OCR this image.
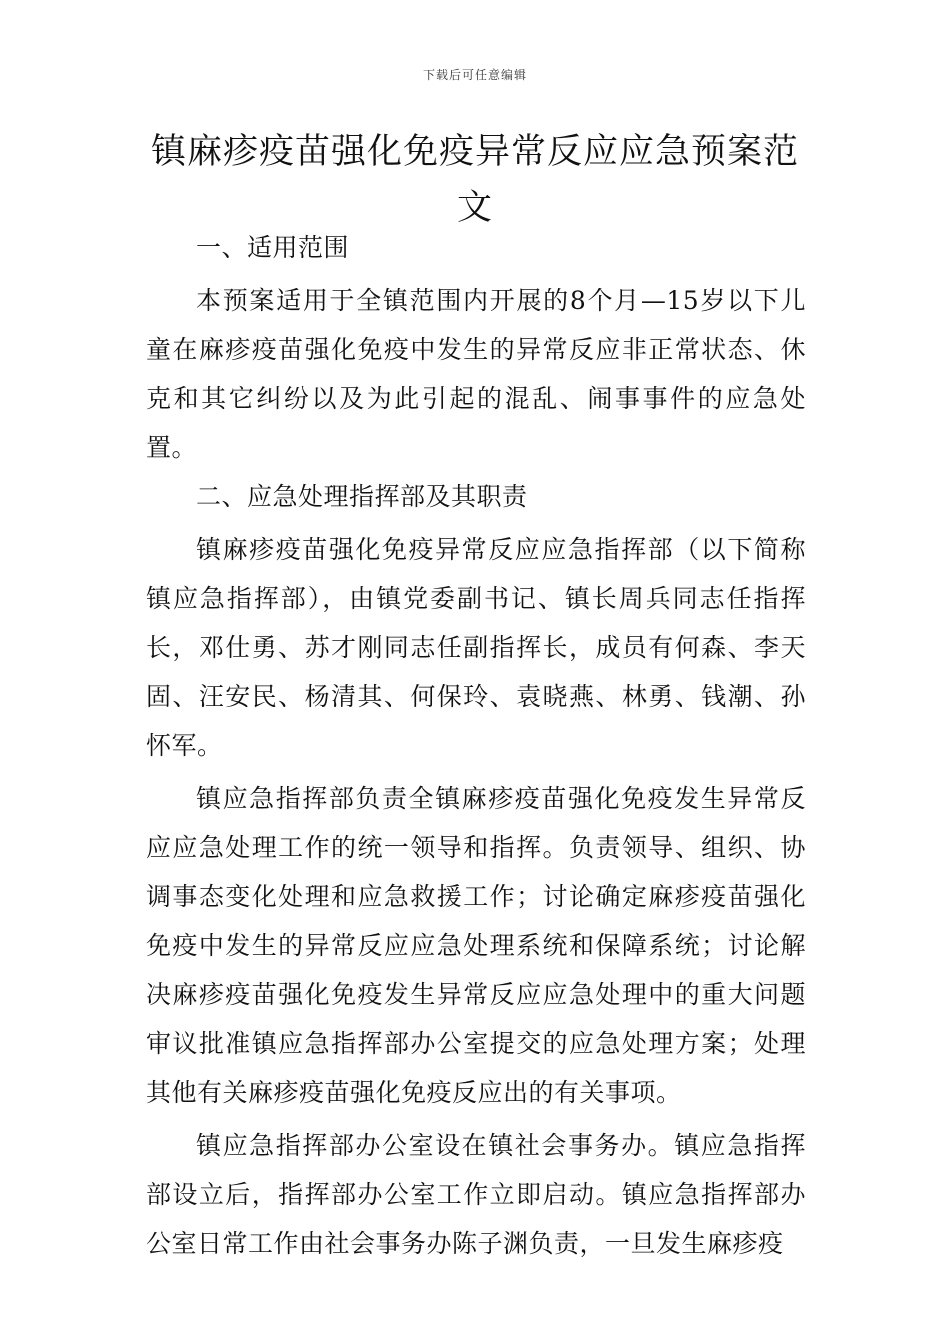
下载后可任意编辑
镇麻疹疫苗强化免疫异常反应应急预案范文

一、适用范围

本预案适用于全镇范围内开展的8个月—15岁以下儿童在麻疹疫苗强化免疫中发生的异常反应非正常状态、休克和其它纠纷以及为此引起的混乱、闹事事件的应急处置。

二、应急处理指挥部及其职责

镇麻疹疫苗强化免疫异常反应应急指挥部（以下简称镇应急指挥部），由镇党委副书记、镇长周兵同志任指挥长，邓仕勇、苏才刚同志任副指挥长，成员有何森、李天固、汪安民、杨清其、何保玲、袁晓燕、林勇、钱潮、孙怀军。

镇应急指挥部负责全镇麻疹疫苗强化免疫发生异常反应应急处理工作的统一领导和指挥。负责领导、组织、协调事态变化处理和应急救援工作；讨论确定麻疹疫苗强化免疫中发生的异常反应应急处理系统和保障系统；讨论解决麻疹疫苗强化免疫发生异常反应应急处理中的重大问题审议批准镇应急指挥部办公室提交的应急处理方案；处理其他有关麻疹疫苗强化免疫反应出的有关事项。

镇应急指挥部办公室设在镇社会事务办。镇应急指挥部设立后，指挥部办公室工作立即启动。镇应急指挥部办公室日常工作由社会事务办陈子渊负责，一旦发生麻疹疫
